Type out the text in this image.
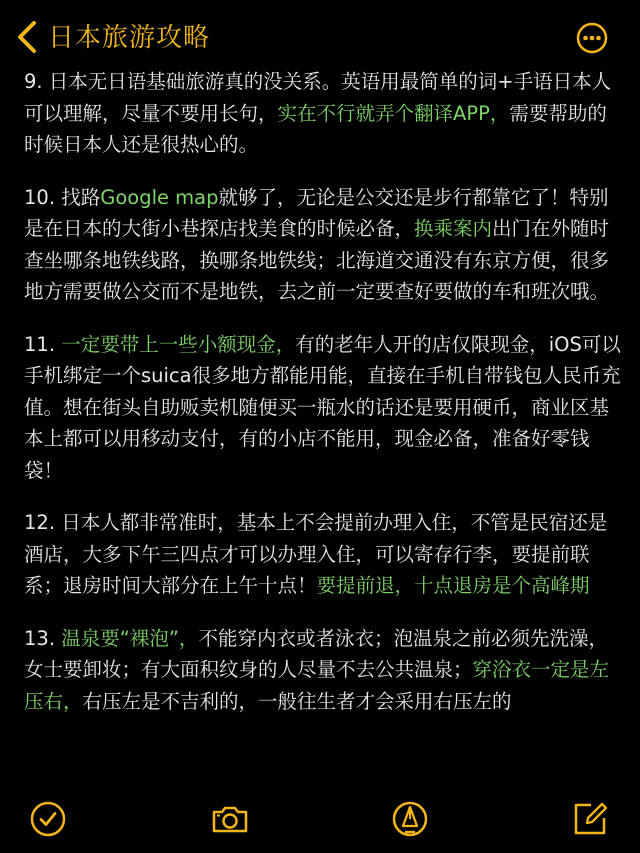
日本旅游攻略

9. 日本无日语基础旅游真的没关系。英语用最简单的词+手语日本人可以理解，尽量不要用长句，实在不行就弄个翻译APP，需要帮助的时候日本人还是很热心的。

10. 找路Google map就够了，无论是公交还是步行都靠它了！特别是在日本的大街小巷探店找美食的时候必备，换乘案内出门在外随时查坐哪条地铁线路，换哪条地铁线；北海道交通没有东京方便，很多地方需要做公交而不是地铁，去之前一定要查好要做的车和班次哦。

11. 一定要带上一些小额现金，有的老年人开的店仅限现金，iOS可以手机绑定一个suica很多地方都能用能，直接在手机自带钱包人民币充值。想在街头自助贩卖机随便买一瓶水的话还是要用硬币，商业区基本上都可以用移动支付，有的小店不能用，现金必备，准备好零钱袋！

12. 日本人都非常准时，基本上不会提前办理入住，不管是民宿还是酒店，大多下午三四点才可以办理入住，可以寄存行李，要提前联系；退房时间大部分在上午十点！要提前退，十点退房是个高峰期

13. 温泉要“裸泡”，不能穿内衣或者泳衣；泡温泉之前必须先洗澡，女士要卸妆；有大面积纹身的人尽量不去公共温泉；穿浴衣一定是左压右，右压左是不吉利的，一般往生者才会采用右压左的
